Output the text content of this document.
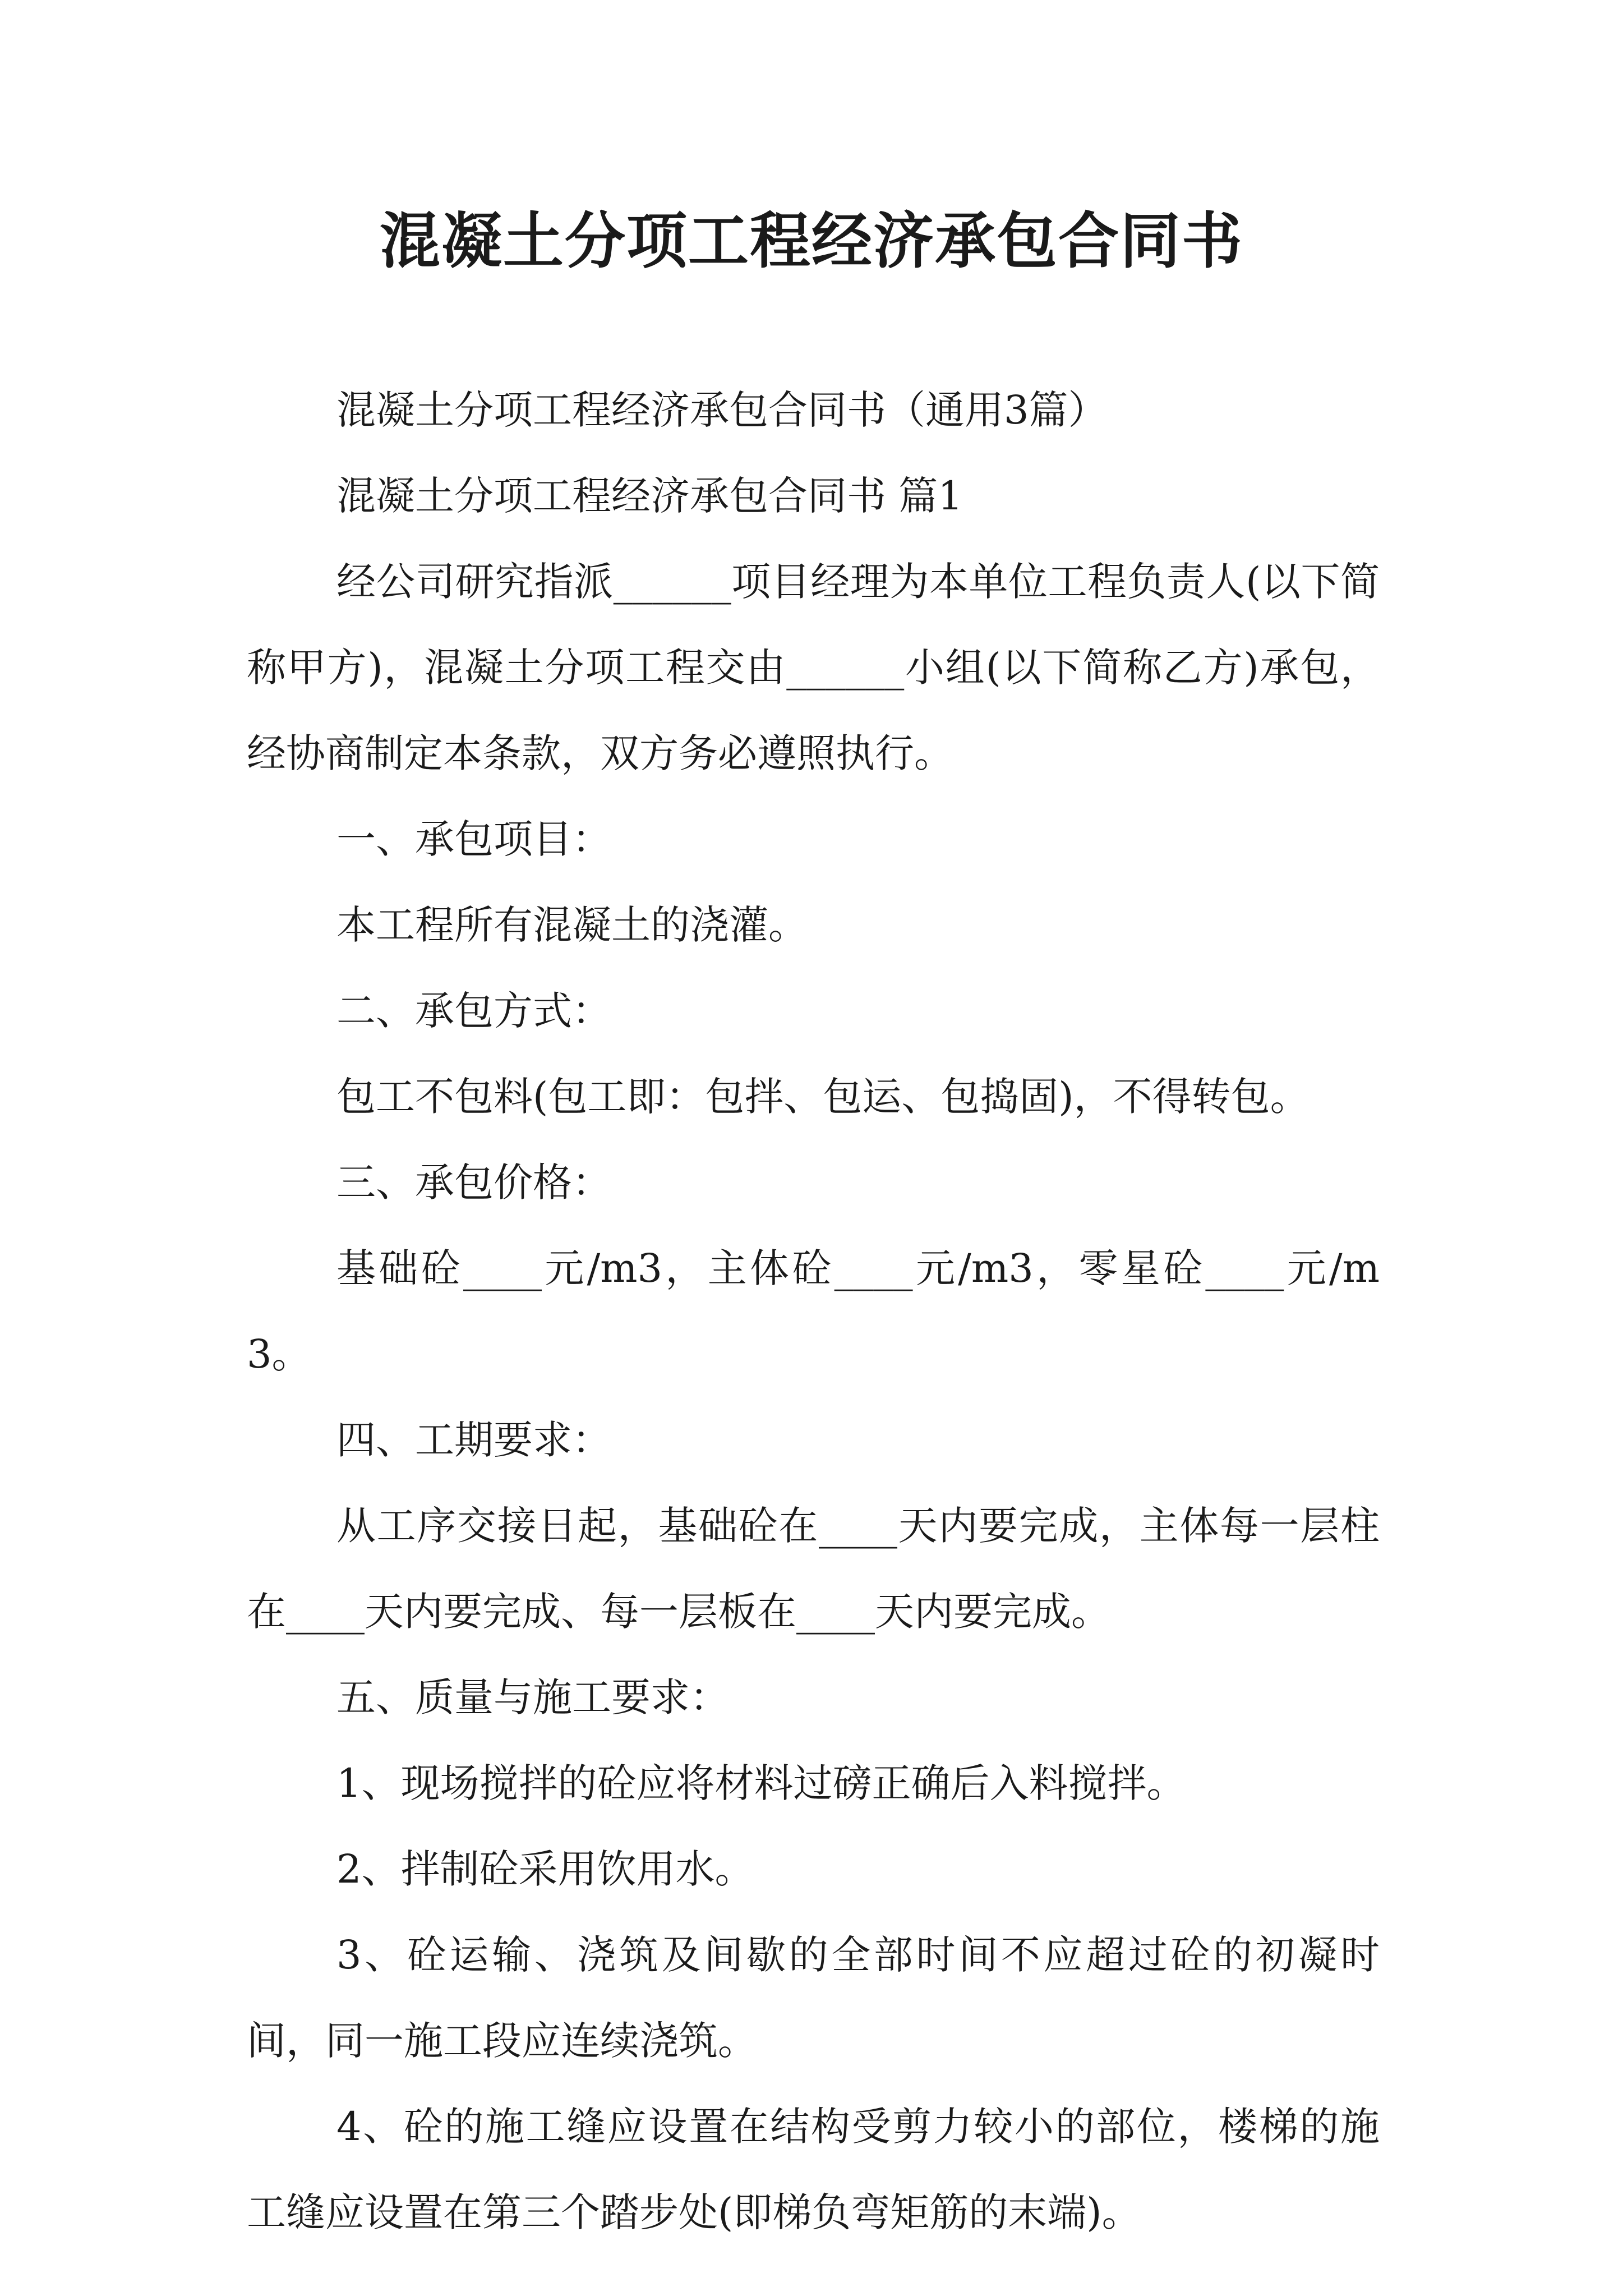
混凝土分项工程经济承包合同书

混凝土分项工程经济承包合同书（通用3篇）

混凝土分项工程经济承包合同书 篇1

经公司研究指派______项目经理为本单位工程负责人(以下简称甲方)，混凝土分项工程交由______小组(以下简称乙方)承包，经协商制定本条款，双方务必遵照执行。

一、承包项目：

本工程所有混凝土的浇灌。

二、承包方式：

包工不包料(包工即：包拌、包运、包捣固)，不得转包。

三、承包价格：

基础砼____元/m3，主体砼____元/m3，零星砼____元/m3。

四、工期要求：

从工序交接日起，基础砼在____天内要完成，主体每一层柱在____天内要完成、每一层板在____天内要完成。

五、质量与施工要求：

1、现场搅拌的砼应将材料过磅正确后入料搅拌。

2、拌制砼采用饮用水。

3、砼运输、浇筑及间歇的全部时间不应超过砼的初凝时间，同一施工段应连续浇筑。

4、砼的施工缝应设置在结构受剪力较小的部位，楼梯的施工缝应设置在第三个踏步处(即梯负弯矩筋的末端)。
